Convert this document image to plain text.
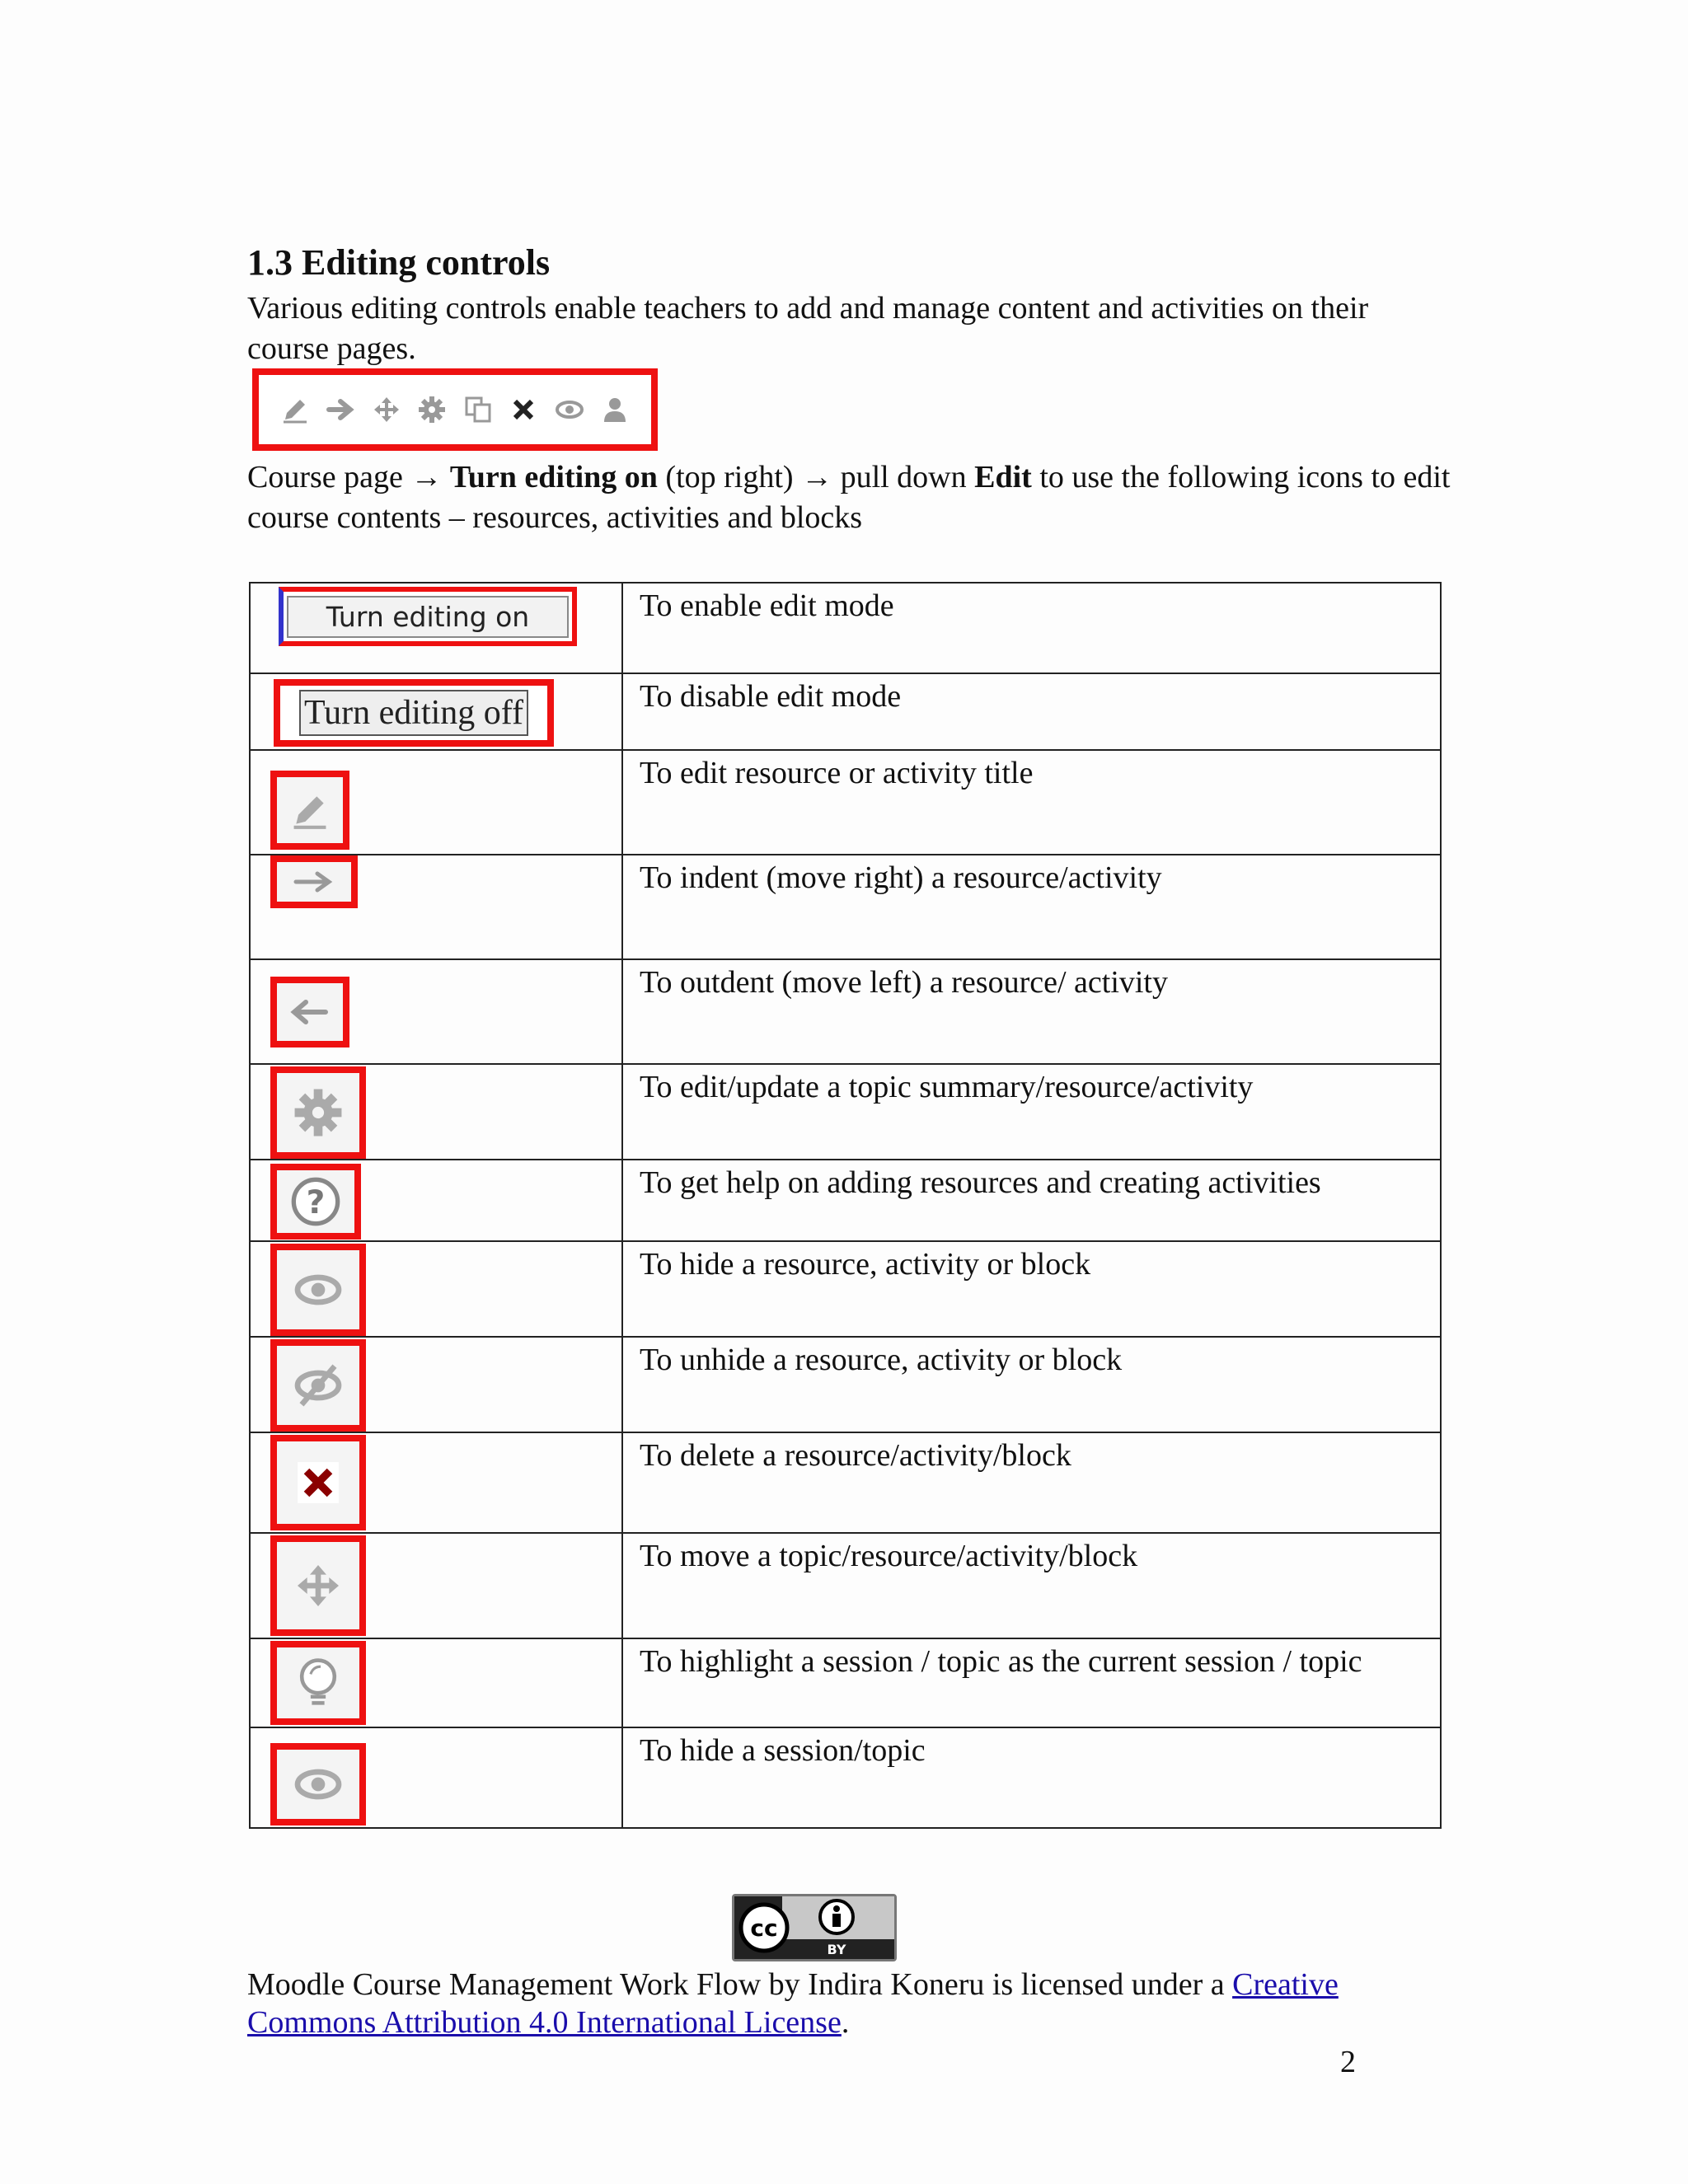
1.3 Editing controls

Various editing controls enable teachers to add and manage content and activities on their course pages.

Course page → Turn editing on (top right) → pull down Edit to use the following icons to edit course contents – resources, activities and blocks

Turn editing on	To enable edit mode

Turn editing off	To disable edit mode

	To edit resource or activity title

	To indent (move right) a resource/activity

	To outdent (move left) a resource/ activity

	To edit/update a topic summary/resource/activity

?	To get help on adding resources and creating activities

	To hide a resource, activity or block

	To unhide a resource, activity or block

	To delete a resource/activity/block

	To move a topic/resource/activity/block

	To highlight a session / topic as the current session / topic

	To hide a session/topic
cc
BY

Moodle Course Management Work Flow by Indira Koneru is licensed under a Creative Commons Attribution 4.0 International License.

2
